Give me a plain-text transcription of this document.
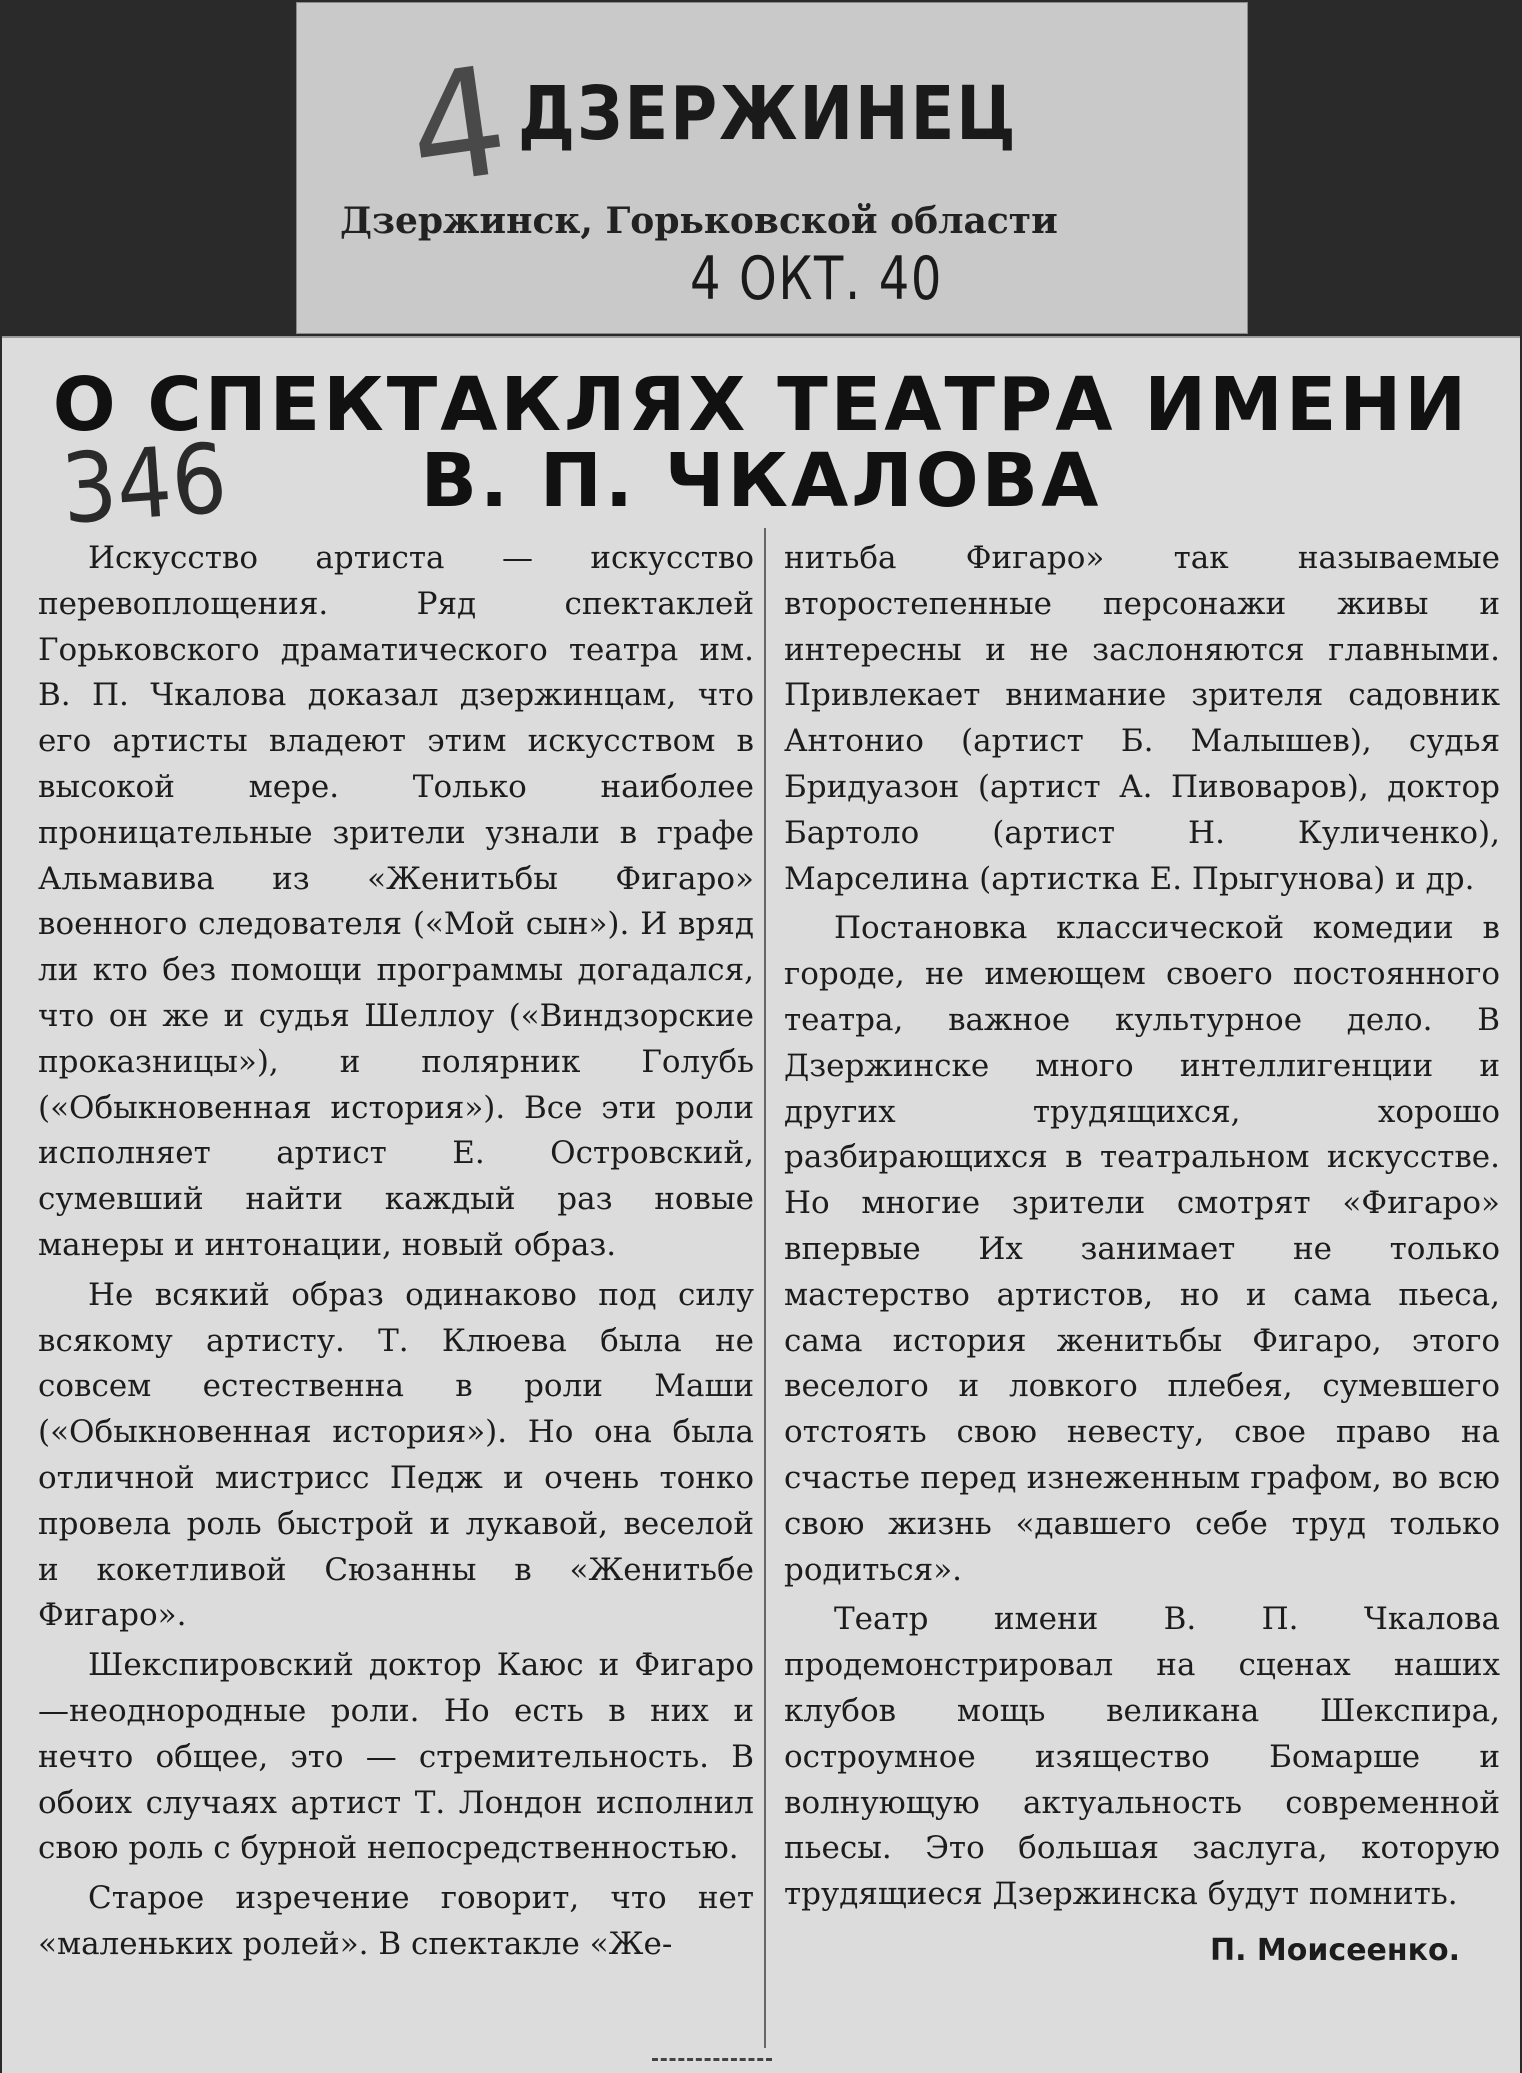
4 ДЗЕРЖИНЕЦ
Дзержинск, Горьковской области
4 ОКТ. 40
О СПЕКТАКЛЯХ ТЕАТРА ИМЕНИ
В. П. ЧКАЛОВА
346

Искусство артиста — искусство перевоплощения. Ряд спектаклей Горьковского драматического театра им. В. П. Чкалова доказал дзержинцам, что его артисты владеют этим искусством в высокой мере. Только наиболее проницательные зрители узнали в графе Альмавива из «Женитьбы Фигаро» военного следователя («Мой сын»). И вряд ли кто без помощи программы догадался, что он же и судья Шеллоу («Виндзорские проказницы»), и полярник Голубь («Обыкновенная история»). Все эти роли исполняет артист Е. Островский, сумевший найти каждый раз новые манеры и интонации, новый образ.

Не всякий образ одинаково под силу всякому артисту. Т. Клюева была не совсем естественна в роли Маши («Обыкновенная история»). Но она была отличной мистрисс Педж и очень тонко провела роль быстрой и лукавой, веселой и кокетливой Сюзанны в «Женитьбе Фигаро».

Шекспировский доктор Каюс и Фигаро—неоднородные роли. Но есть в них и нечто общее, это — стремительность. В обоих случаях артист Т. Лондон исполнил свою роль с бурной непосредственностью.

Старое изречение говорит, что нет «маленьких ролей». В спектакле «Же-

нитьба Фигаро» так называемые второстепенные персонажи живы и интересны и не заслоняются главными. Привлекает внимание зрителя садовник Антонио (артист Б. Малышев), судья Бридуазон (артист А. Пивоваров), доктор Бартоло (артист Н. Куличенко), Марселина (артистка Е. Прыгунова) и др.

Постановка классической комедии в городе, не имеющем своего постоянного театра, важное культурное дело. В Дзержинске много интеллигенции и других трудящихся, хорошо разбирающихся в театральном искусстве. Но многие зрители смотрят «Фигаро» впервые Их занимает не только мастерство артистов, но и сама пьеса, сама история женитьбы Фигаро, этого веселого и ловкого плебея, сумевшего отстоять свою невесту, свое право на счастье перед изнеженным графом, во всю свою жизнь «давшего себе труд только родиться».

Театр имени В. П. Чкалова продемонстрировал на сценах наших клубов мощь великана Шекспира, остроумное изящество Бомарше и волнующую актуальность современной пьесы. Это большая заслуга, которую трудящиеся Дзержинска будут помнить.

П. Моисеенко.
